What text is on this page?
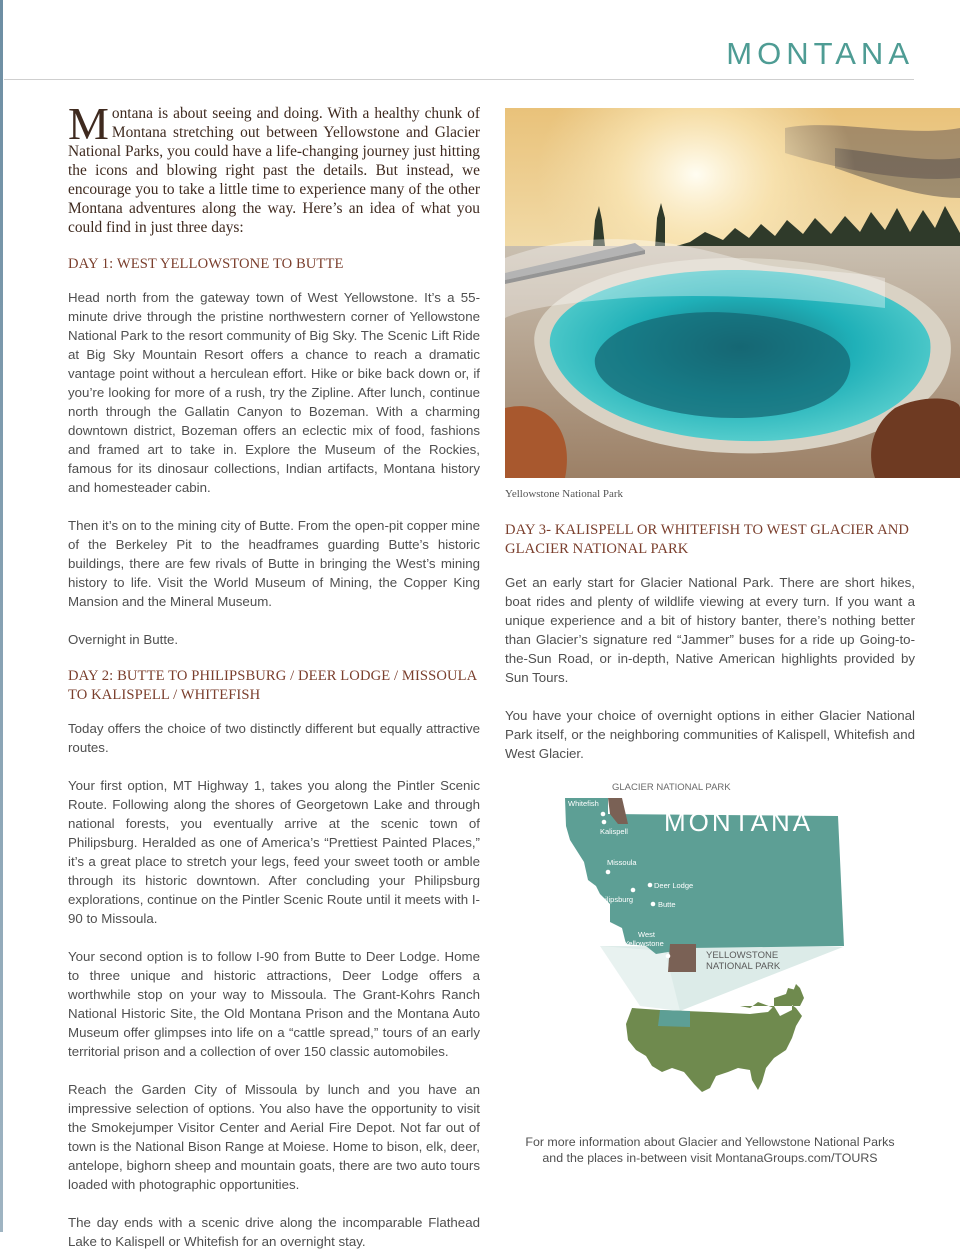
MONTANA

Montana is about seeing and doing. With a healthy chunk of Montana stretching out between Yellowstone and Glacier National Parks, you could have a life-changing journey just hitting the icons and blowing right past the details. But instead, we encourage you to take a little time to experience many of the other Montana adventures along the way. Here’s an idea of what you could find in just three days:

DAY 1: WEST YELLOWSTONE TO BUTTE

Head north from the gateway town of West Yellowstone. It’s a 55-minute drive through the pristine northwestern corner of Yellowstone National Park to the resort community of Big Sky. The Scenic Lift Ride at Big Sky Mountain Resort offers a chance to reach a dramatic vantage point without a herculean effort. Hike or bike back down or, if you’re looking for more of a rush, try the Zipline. After lunch, continue north through the Gallatin Canyon to Bozeman. With a charming downtown district, Bozeman offers an eclectic mix of food, fashions and framed art to take in. Explore the Museum of the Rockies, famous for its dinosaur collections, Indian artifacts, Montana history and homesteader cabin.

Then it’s on to the mining city of Butte. From the open-pit copper mine of the Berkeley Pit to the headframes guarding Butte’s historic buildings, there are few rivals of Butte in bringing the West’s mining history to life. Visit the World Museum of Mining, the Copper King Mansion and the Mineral Museum.

Overnight in Butte.

DAY 2: BUTTE TO PHILIPSBURG / DEER LODGE / MISSOULA TO KALISPELL / WHITEFISH

Today offers the choice of two distinctly different but equally attractive routes.

Your first option, MT Highway 1, takes you along the Pintler Scenic Route. Following along the shores of Georgetown Lake and through national forests, you eventually arrive at the scenic town of Philipsburg. Heralded as one of America’s “Prettiest Painted Places,” it’s a great place to stretch your legs, feed your sweet tooth or amble through its historic downtown. After concluding your Philipsburg explorations, continue on the Pintler Scenic Route until it meets with I-90 to Missoula.

Your second option is to follow I-90 from Butte to Deer Lodge. Home to three unique and historic attractions, Deer Lodge offers a worthwhile stop on your way to Missoula. The Grant-Kohrs Ranch National Historic Site, the Old Montana Prison and the Montana Auto Museum offer glimpses into life on a “cattle spread,” tours of an early territorial prison and a collection of over 150 classic automobiles.

Reach the Garden City of Missoula by lunch and you have an impressive selection of options. You also have the opportunity to visit the Smokejumper Visitor Center and Aerial Fire Depot. Not far out of town is the National Bison Range at Moiese. Home to bison, elk, deer, antelope, bighorn sheep and mountain goats, there are two auto tours loaded with photographic opportunities.

The day ends with a scenic drive along the incomparable Flathead Lake to Kalispell or Whitefish for an overnight stay.

Yellowstone National Park
DAY 3- KALISPELL OR WHITEFISH TO WEST GLACIER AND GLACIER NATIONAL PARK

Get an early start for Glacier National Park. There are short hikes, boat rides and plenty of wildlife viewing at every turn. If you want a unique experience and a bit of history banter, there’s nothing better than Glacier’s signature red “Jammer” buses for a ride up Going-to-the-Sun Road, or in-depth, Native American highlights provided by Sun Tours.

You have your choice of overnight options in either Glacier National Park itself, or the neighboring communities of Kalispell, Whitefish and West Glacier.

GLACIER NATIONAL PARK
MONTANA
YELLOWSTONE
NATIONAL PARK
Whitefish
Kalispell
Missoula
Deer Lodge
Philipsburg
Butte
West
Yellowstone
For more information about Glacier and Yellowstone National Parks
and the places in-between visit MontanaGroups.com/TOURS
